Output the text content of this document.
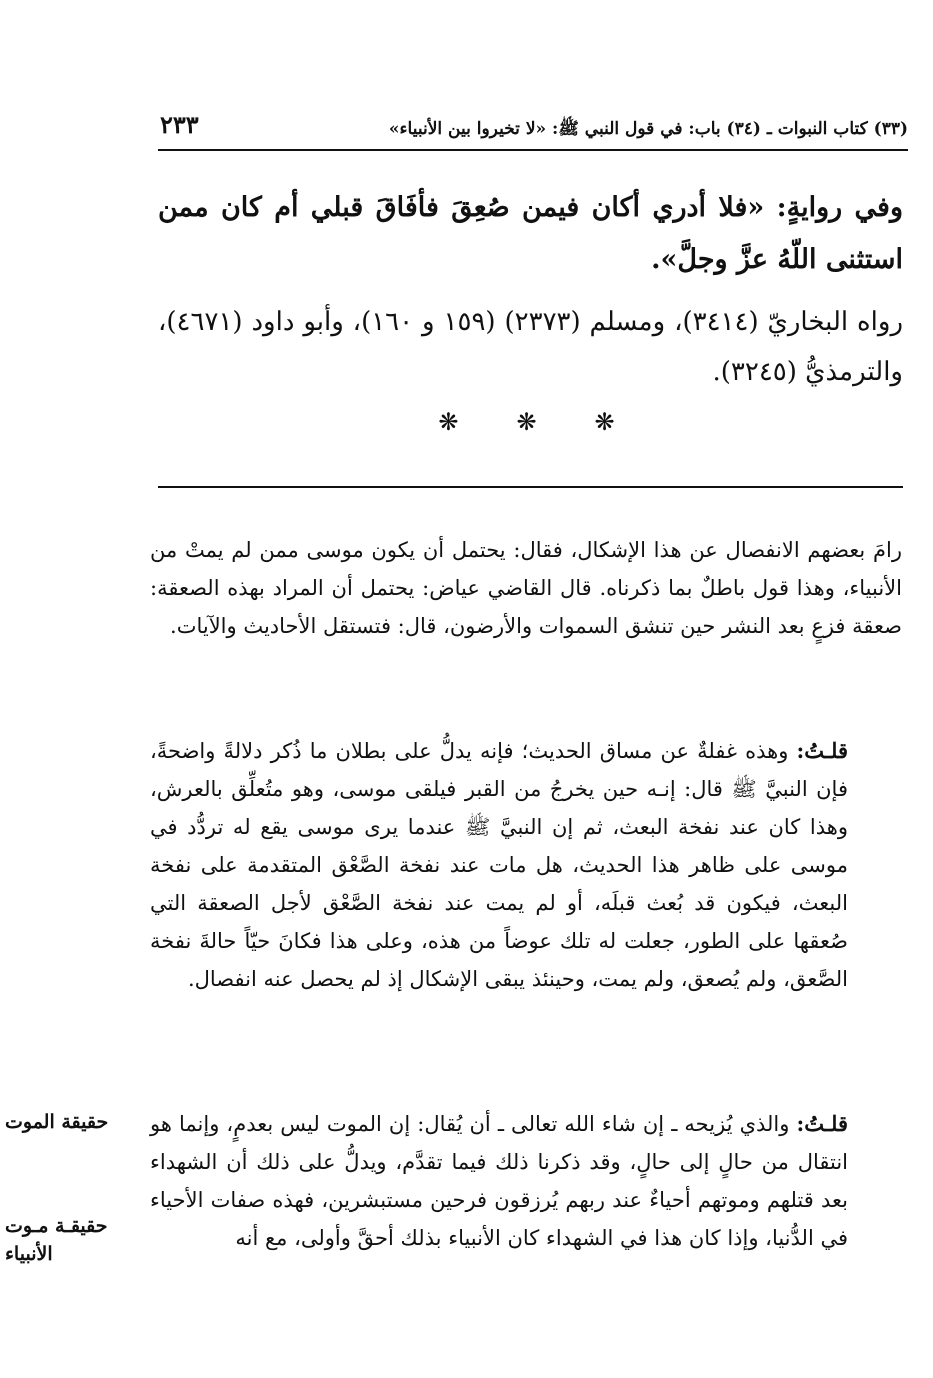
٢٣٣	(٣٣) كتاب النبوات ـ (٣٤) باب: في قول النبي ﷺ: «لا تخيروا بين الأنبياء»
وفي روايةٍ: «فلا أدري أكان فيمن صُعِقَ فأفَاقَ قبلي أم كان ممن استثنى اللّهُ عزَّ وجلَّ».
رواه البخاريّ (٣٤١٤)، ومسلم (٢٣٧٣) (١٥٩ و ١٦٠)، وأبو داود (٤٦٧١)، والترمذيُّ (٣٢٤٥).
❋ ❋ ❋

رامَ بعضهم الانفصال عن هذا الإشكال، فقال: يحتمل أن يكون موسى ممن لم يمتْ من الأنبياء، وهذا قول باطلٌ بما ذكرناه. قال القاضي عياض: يحتمل أن المراد بهذه الصعقة: صعقة فزعٍ بعد النشر حين تنشق السموات والأرضون، قال: فتستقل الأحاديث والآيات.

قلـتُ: وهذه غفلةٌ عن مساق الحديث؛ فإنه يدلُّ على بطلان ما ذُكر دلالةً واضحةً، فإن النبيَّ ﷺ قال: إنـه حين يخرجُ من القبر فيلقى موسى، وهو متُعلِّق بالعرش، وهذا كان عند نفخة البعث، ثم إن النبيَّ ﷺ عندما يرى موسى يقع له تردُّد في موسى على ظاهر هذا الحديث، هل مات عند نفخة الصَّعْق المتقدمة على نفخة البعث، فيكون قد بُعث قبلَه، أو لم يمت عند نفخة الصَّعْق لأجل الصعقة التي صُعقها على الطور، جعلت له تلك عوضاً من هذه، وعلى هذا فكانَ حيّاً حالةَ نفخة الصَّعق، ولم يُصعق، ولم يمت، وحينئذ يبقى الإشكال إذ لم يحصل عنه انفصال.

قلـتُ: والذي يُزيحه ـ إن شاء الله تعالى ـ أن يُقال: إن الموت ليس بعدمٍ، وإنما هو انتقال من حالٍ إلى حالٍ، وقد ذكرنا ذلك فيما تقدَّم، ويدلُّ على ذلك أن الشهداء بعد قتلهم وموتهم أحياءٌ عند ربهم يُرزقون فرحين مستبشرين، فهذه صفات الأحياء في الدُّنيا، وإذا كان هذا في الشهداء كان الأنبياء بذلك أحقَّ وأولى، مع أنه

حقيقة الموت
حقيقـة مـوت الأنبياء
